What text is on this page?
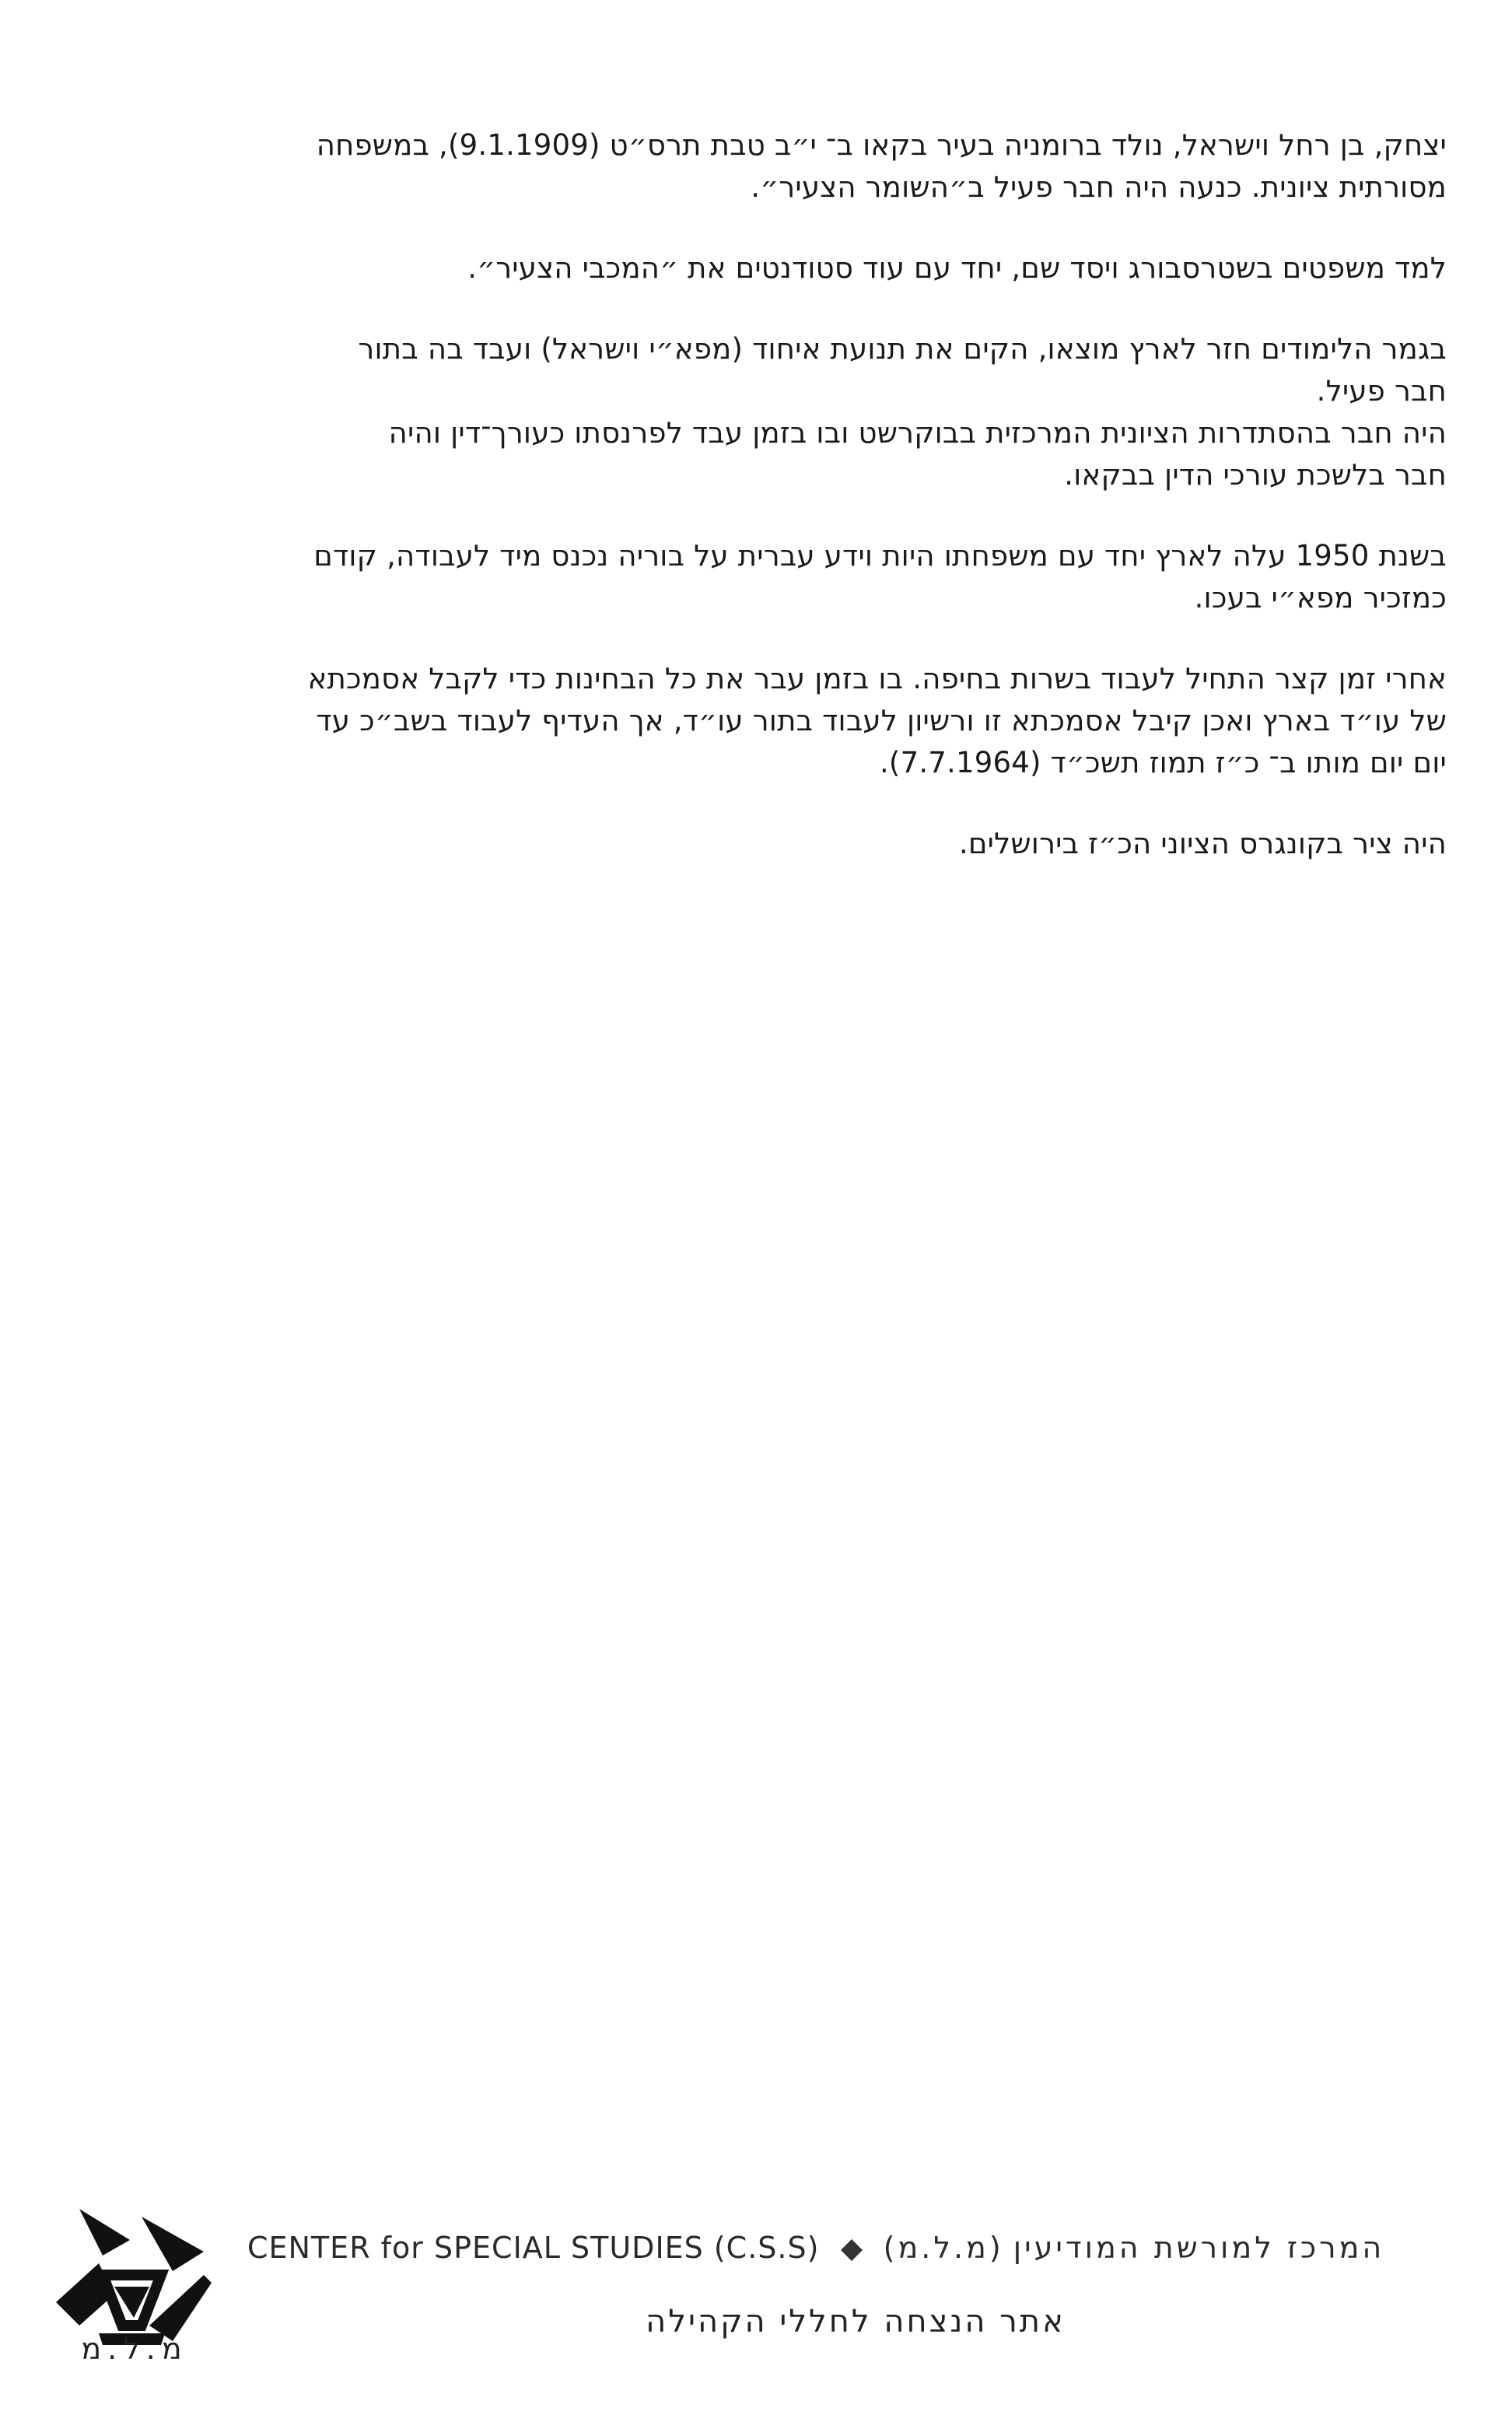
יצחק, בן רחל וישראל, נולד ברומניה בעיר בקאו ב־ י״ב טבת תרס״ט (9.1.1909), במשפחה
מסורתית ציונית. כנעה היה חבר פעיל ב״השומר הצעיר״.
למד משפטים בשטרסבורג ויסד שם, יחד עם עוד סטודנטים את ״המכבי הצעיר״.
בגמר הלימודים חזר לארץ מוצאו, הקים את תנועת איחוד (מפא״י וישראל) ועבד בה בתור
חבר פעיל.
היה חבר בהסתדרות הציונית המרכזית בבוקרשט ובו בזמן עבד לפרנסתו כעורך־דין והיה
חבר בלשכת עורכי הדין בבקאו.
בשנת 1950 עלה לארץ יחד עם משפחתו היות וידע עברית על בוריה נכנס מיד לעבודה, קודם
כמזכיר מפא״י בעכו.
אחרי זמן קצר התחיל לעבוד בשרות בחיפה. בו בזמן עבר את כל הבחינות כדי לקבל אסמכתא
של עו״ד בארץ ואכן קיבל אסמכתא זו ורשיון לעבוד בתור עו״ד, אך העדיף לעבוד בשב״כ עד
יום יום מותו ב־ כ״ז תמוז תשכ״ד (7.7.1964).
היה ציר בקונגרס הציוני הכ״ז בירושלים.
מ.ל.מ
CENTER for SPECIAL STUDIES (C.S.S) (מ.ל.מ) המרכז למורשת המודיעין
אתר הנצחה לחללי הקהילה
